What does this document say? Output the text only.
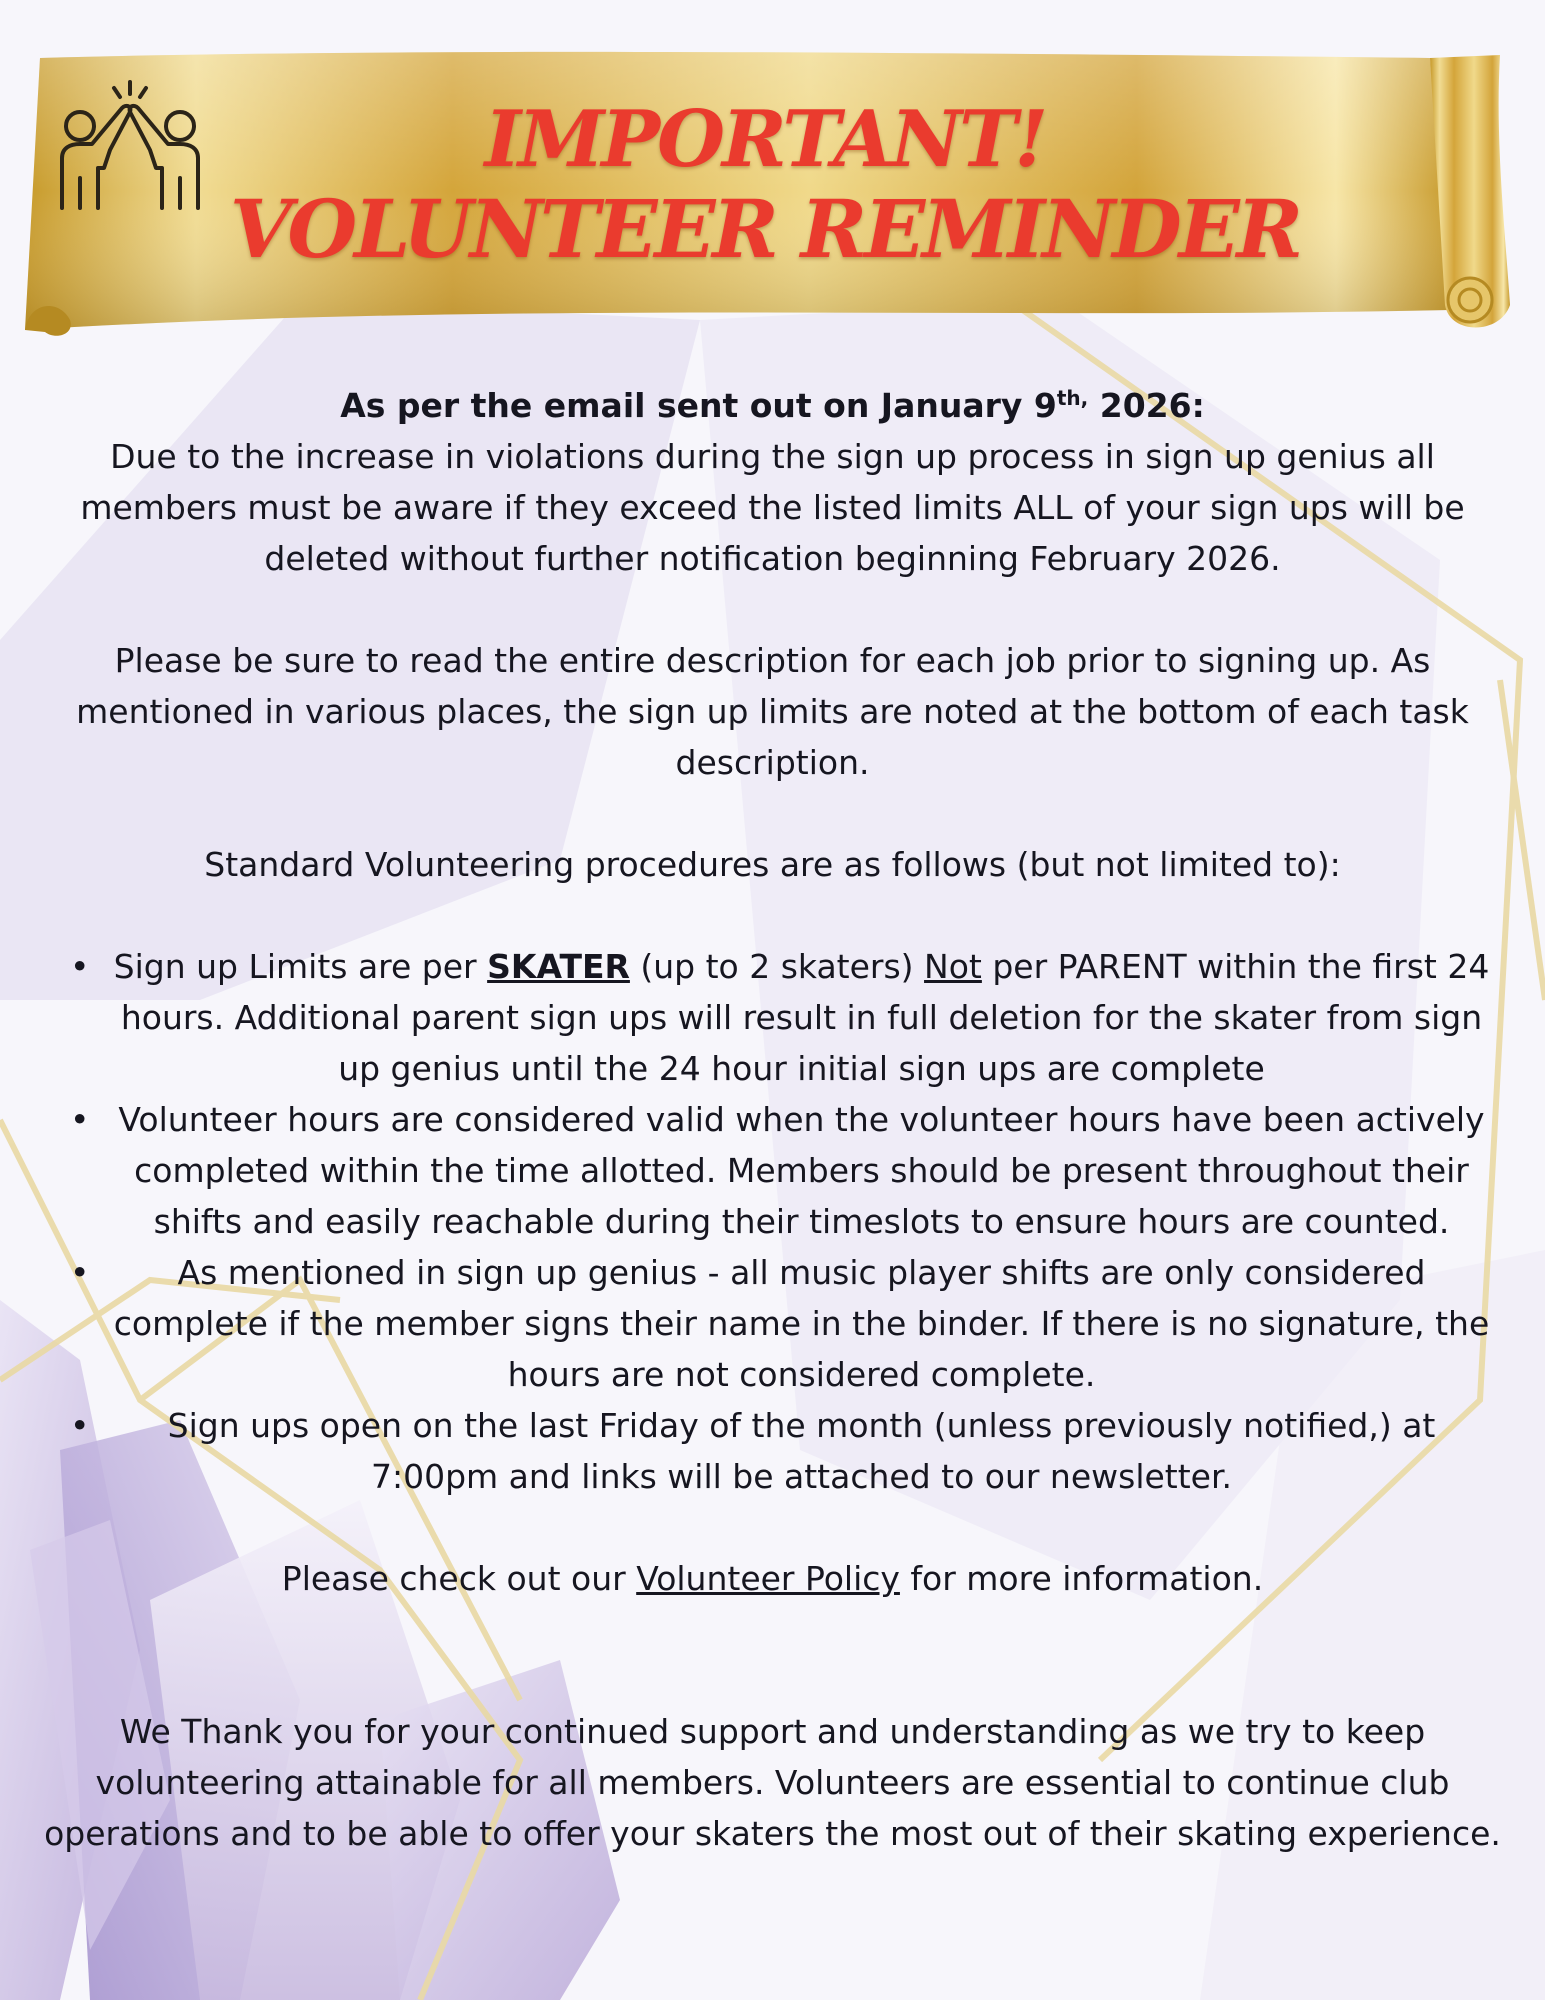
IMPORTANT!
VOLUNTEER REMINDER

As per the email sent out on January $9^{th,}$ 2026:

Due to the increase in violations during the sign up process in sign up genius all members must be aware if they exceed the listed limits ALL of your sign ups will be deleted without further notification beginning February 2026.

Please be sure to read the entire description for each job prior to signing up. As mentioned in various places, the sign up limits are noted at the bottom of each task description.

Standard Volunteering procedures are as follows (but not limited to):

• Sign up Limits are per SKATER (up to 2 skaters) Not per PARENT within the first 24 hours. Additional parent sign ups will result in full deletion for the skater from sign up genius until the 24 hour initial sign ups are complete
• Volunteer hours are considered valid when the volunteer hours have been actively completed within the time allotted. Members should be present throughout their shifts and easily reachable during their timeslots to ensure hours are counted.
•	As mentioned in sign up genius - all music player shifts are only considered complete if the member signs their name in the binder. If there is no signature, the hours are not considered complete.
• Sign ups open on the last Friday of the month (unless previously notified,) at 7:00pm and links will be attached to our newsletter.

Please check out our Volunteer Policy for more information.

We Thank you for your continued support and understanding as we try to keep volunteering attainable for all members. Volunteers are essential to continue club operations and to be able to offer your skaters the most out of their skating experience.
